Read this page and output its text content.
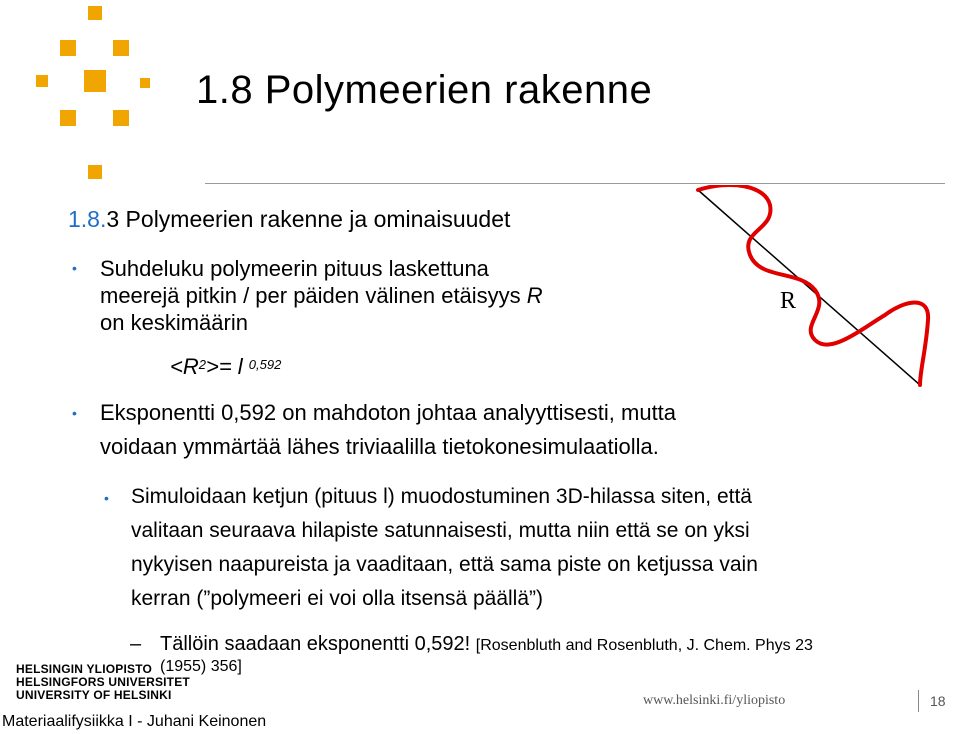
1.8 Polymeerien rakenne
1.8.3 Polymeerien rakenne ja ominaisuudet
• Suhdeluku polymeerin pituus laskettuna
meerejä pitkin / per päiden välinen etäisyys R
on keskimäärin
$<R^2>= l$ $^{0,592}$
• Eksponentti 0,592 on mahdoton johtaa analyyttisesti, mutta
voidaan ymmärtää lähes triviaalilla tietokonesimulaatiolla.
• Simuloidaan ketjun (pituus l) muodostuminen 3D-hilassa siten, että
valitaan seuraava hilapiste satunnaisesti, mutta niin että se on yksi
nykyisen naapureista ja vaaditaan, että sama piste on ketjussa vain
kerran (”polymeeri ei voi olla itsensä päällä”)
– Tällöin saadaan eksponentti 0,592! [Rosenbluth and Rosenbluth, J. Chem. Phys 23
(1955) 356]
R
HELSINGIN YLIOPISTO
HELSINGFORS UNIVERSITET
UNIVERSITY OF HELSINKI
Materiaalifysiikka I - Juhani Keinonen
www.helsinki.fi/yliopisto	18
